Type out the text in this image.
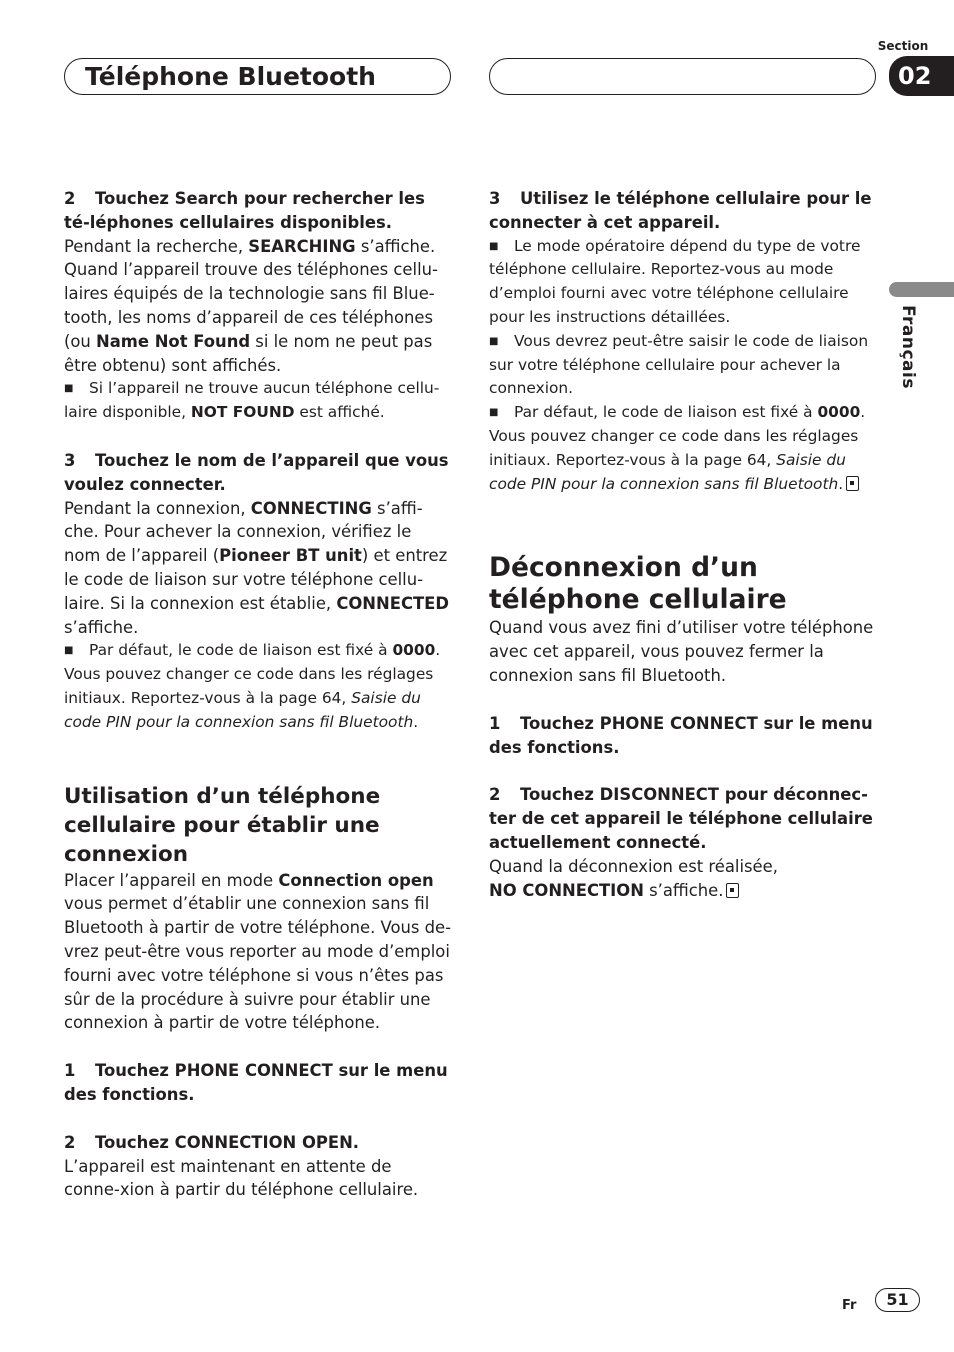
Téléphone Bluetooth
Section
02
Français

2 Touchez Search pour rechercher les té-léphones cellulaires disponibles.

Pendant la recherche, SEARCHING s’affiche. Quand l’appareil trouve des téléphones cellu-laires équipés de la technologie sans fil Blue-tooth, les noms d’appareil de ces téléphones (ou Name Not Found si le nom ne peut pas être obtenu) sont affichés.

■ Si l’appareil ne trouve aucun téléphone cellu-laire disponible, NOT FOUND est affiché.

3 Touchez le nom de l’appareil que vous voulez connecter.

Pendant la connexion, CONNECTING s’affi-che. Pour achever la connexion, vérifiez le nom de l’appareil (Pioneer BT unit) et entrez le code de liaison sur votre téléphone cellu-laire. Si la connexion est établie, CONNECTED s’affiche.

■ Par défaut, le code de liaison est fixé à 0000. Vous pouvez changer ce code dans les réglages initiaux. Reportez-vous à la page 64, Saisie du code PIN pour la connexion sans fil Bluetooth.

Utilisation d’un téléphone cellulaire pour établir une connexion

Placer l’appareil en mode Connection open vous permet d’établir une connexion sans fil Bluetooth à partir de votre téléphone. Vous de-vrez peut-être vous reporter au mode d’emploi fourni avec votre téléphone si vous n’êtes pas sûr de la procédure à suivre pour établir une connexion à partir de votre téléphone.

1 Touchez PHONE CONNECT sur le menu des fonctions.

2 Touchez CONNECTION OPEN.

L’appareil est maintenant en attente de conne-xion à partir du téléphone cellulaire.

3 Utilisez le téléphone cellulaire pour le connecter à cet appareil.

■ Le mode opératoire dépend du type de votre téléphone cellulaire. Reportez-vous au mode d’emploi fourni avec votre téléphone cellulaire pour les instructions détaillées.

■ Vous devrez peut-être saisir le code de liaison sur votre téléphone cellulaire pour achever la connexion.

■ Par défaut, le code de liaison est fixé à 0000. Vous pouvez changer ce code dans les réglages initiaux. Reportez-vous à la page 64, Saisie du code PIN pour la connexion sans fil Bluetooth.

Déconnexion d’un téléphone cellulaire

Quand vous avez fini d’utiliser votre téléphone avec cet appareil, vous pouvez fermer la connexion sans fil Bluetooth.

1 Touchez PHONE CONNECT sur le menu des fonctions.

2 Touchez DISCONNECT pour déconnec-ter de cet appareil le téléphone cellulaire actuellement connecté.

Quand la déconnexion est réalisée,
NO CONNECTION s’affiche.

Fr	51
